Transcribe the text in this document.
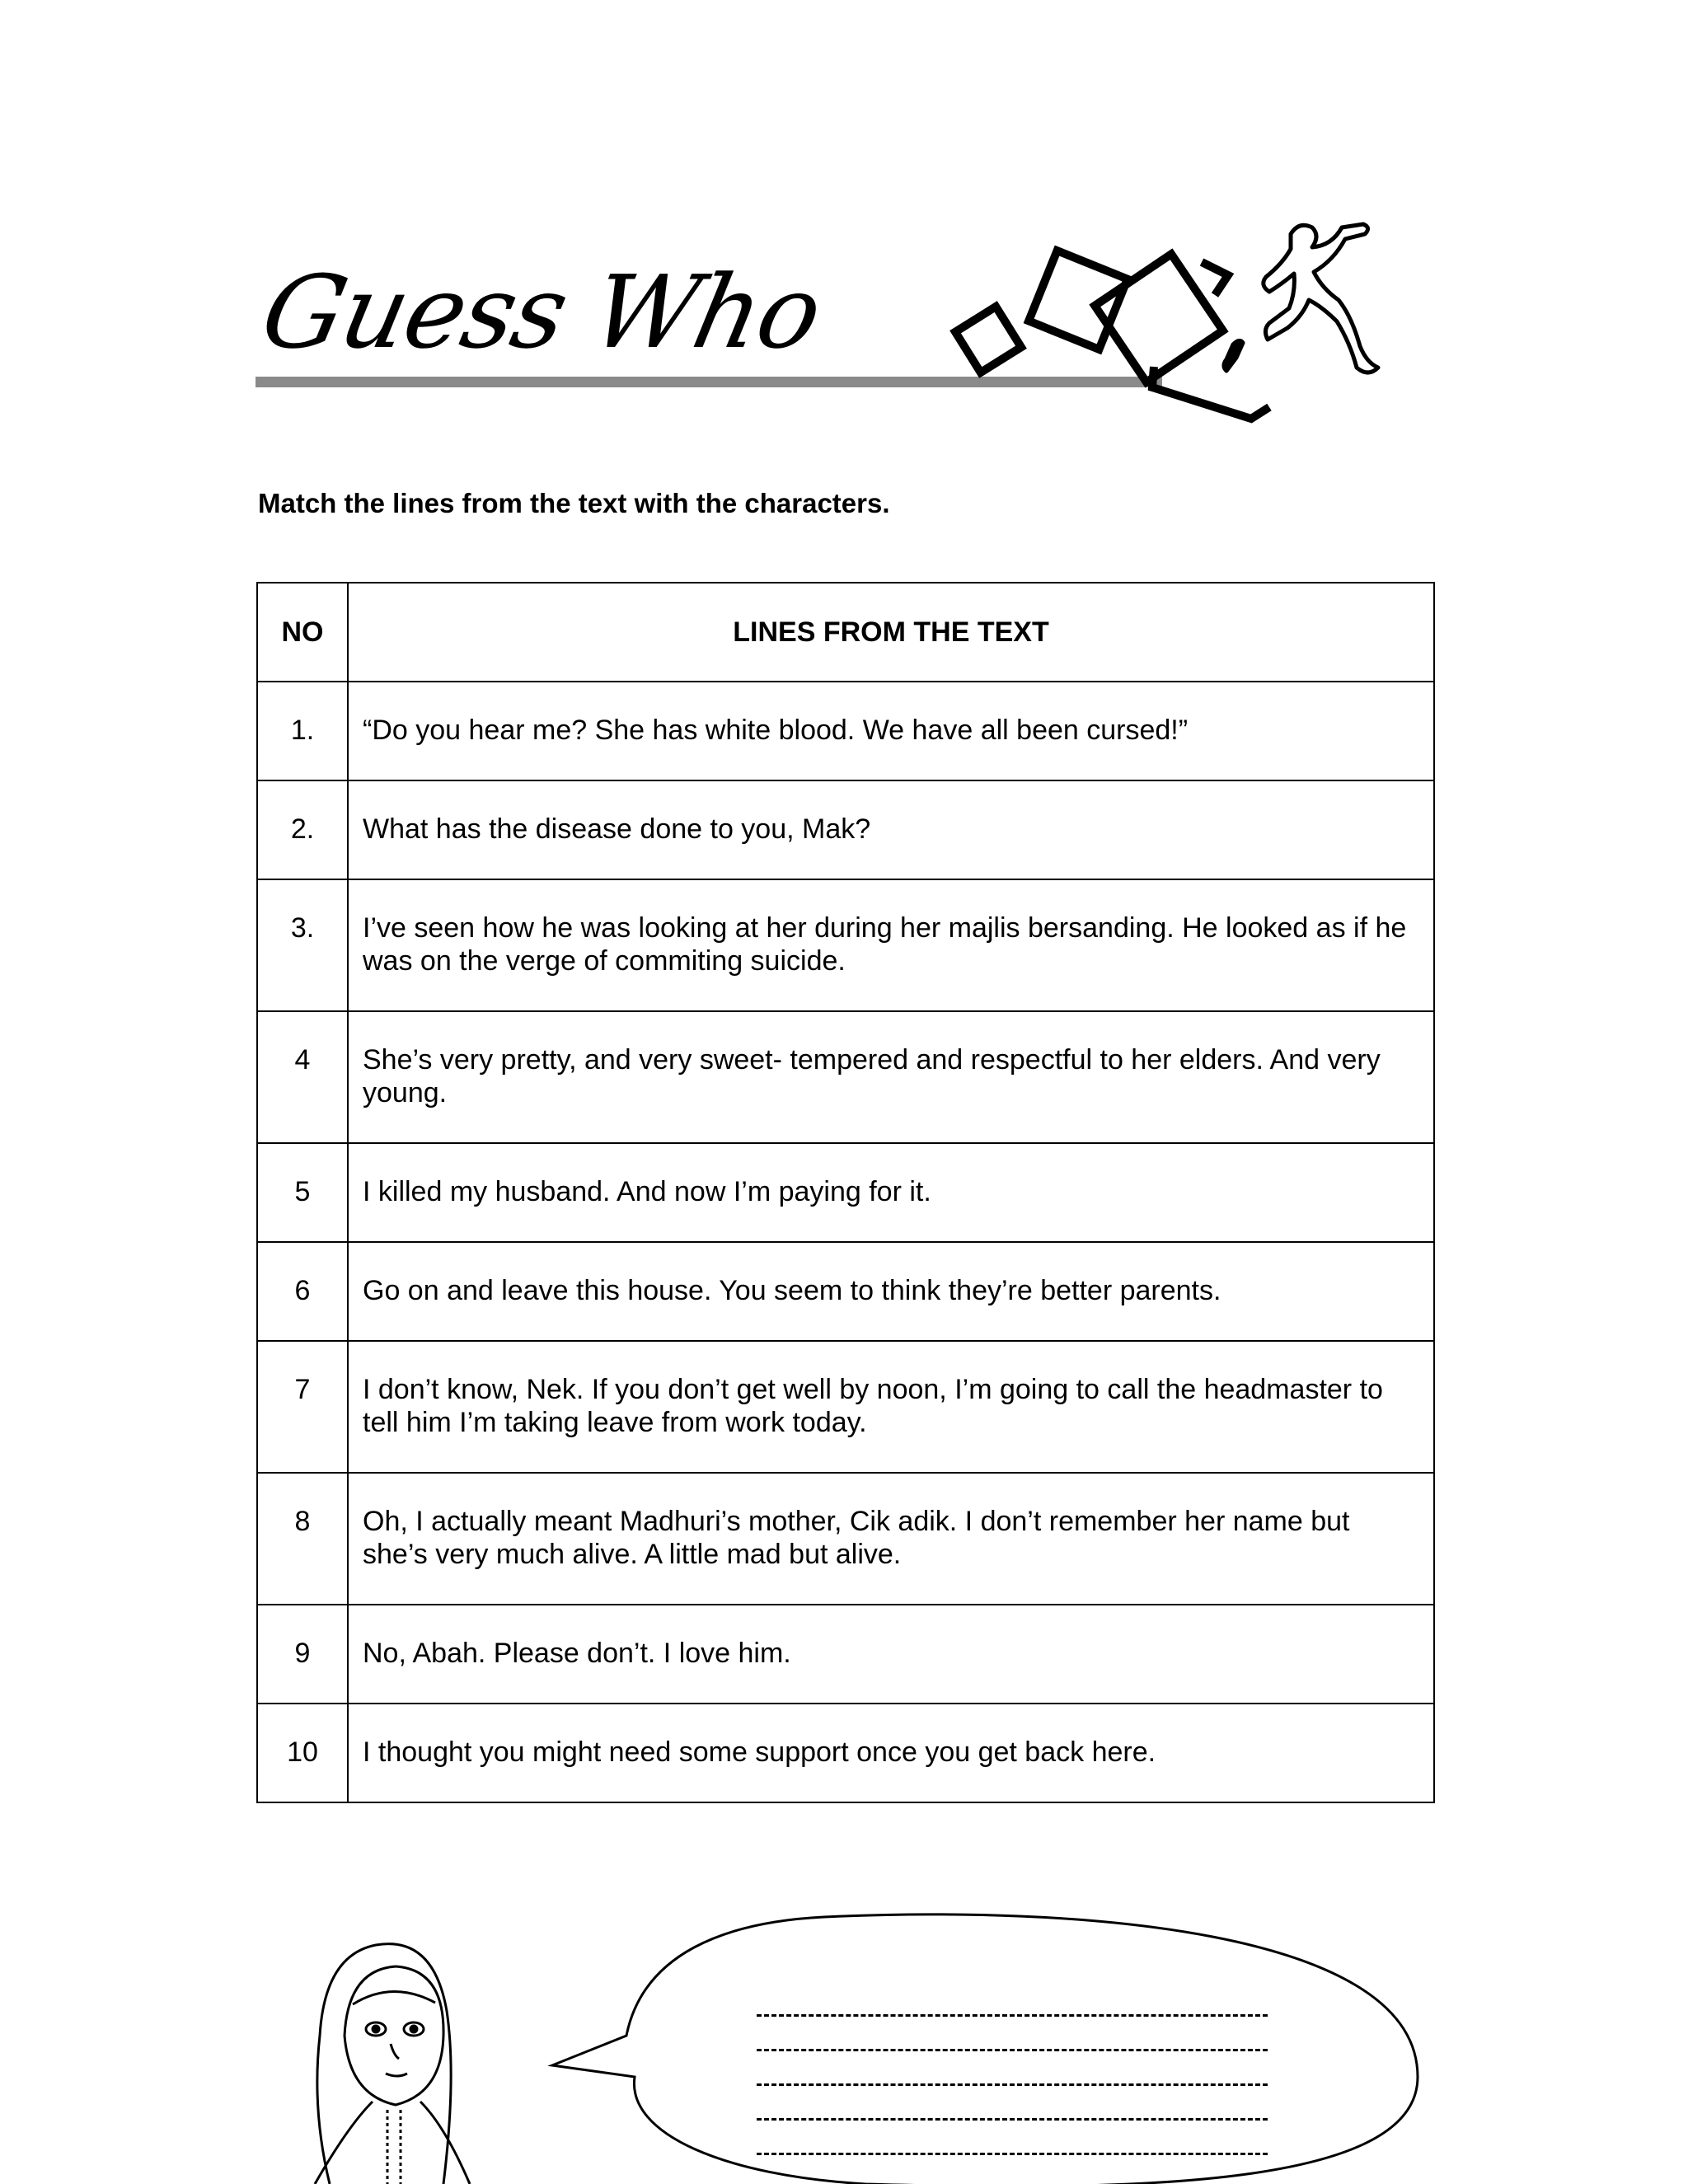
Guess Who
Match the lines from the text with the characters.
NO	LINES FROM THE TEXT
1.	“Do you hear me? She has white blood. We have all been cursed!”
2.	What has the disease done to you, Mak?
3.	I’ve seen how he was looking at her during her majlis bersanding. He looked as if he was on the verge of commiting suicide.
4	She’s very pretty, and very sweet- tempered and respectful to her elders. And very young.
5	I killed my husband. And now I’m paying for it.
6	Go on and leave this house. You seem to think they’re better parents.
7	I don’t know, Nek. If you don’t get well by noon, I’m going to call the headmaster to tell him I’m taking leave from work today.
8	Oh, I actually meant Madhuri’s mother, Cik adik. I don’t remember her name but she’s very much alive. A little mad but alive.
9	No, Abah. Please don’t. I love him.
10	I thought you might need some support once you get back here.
